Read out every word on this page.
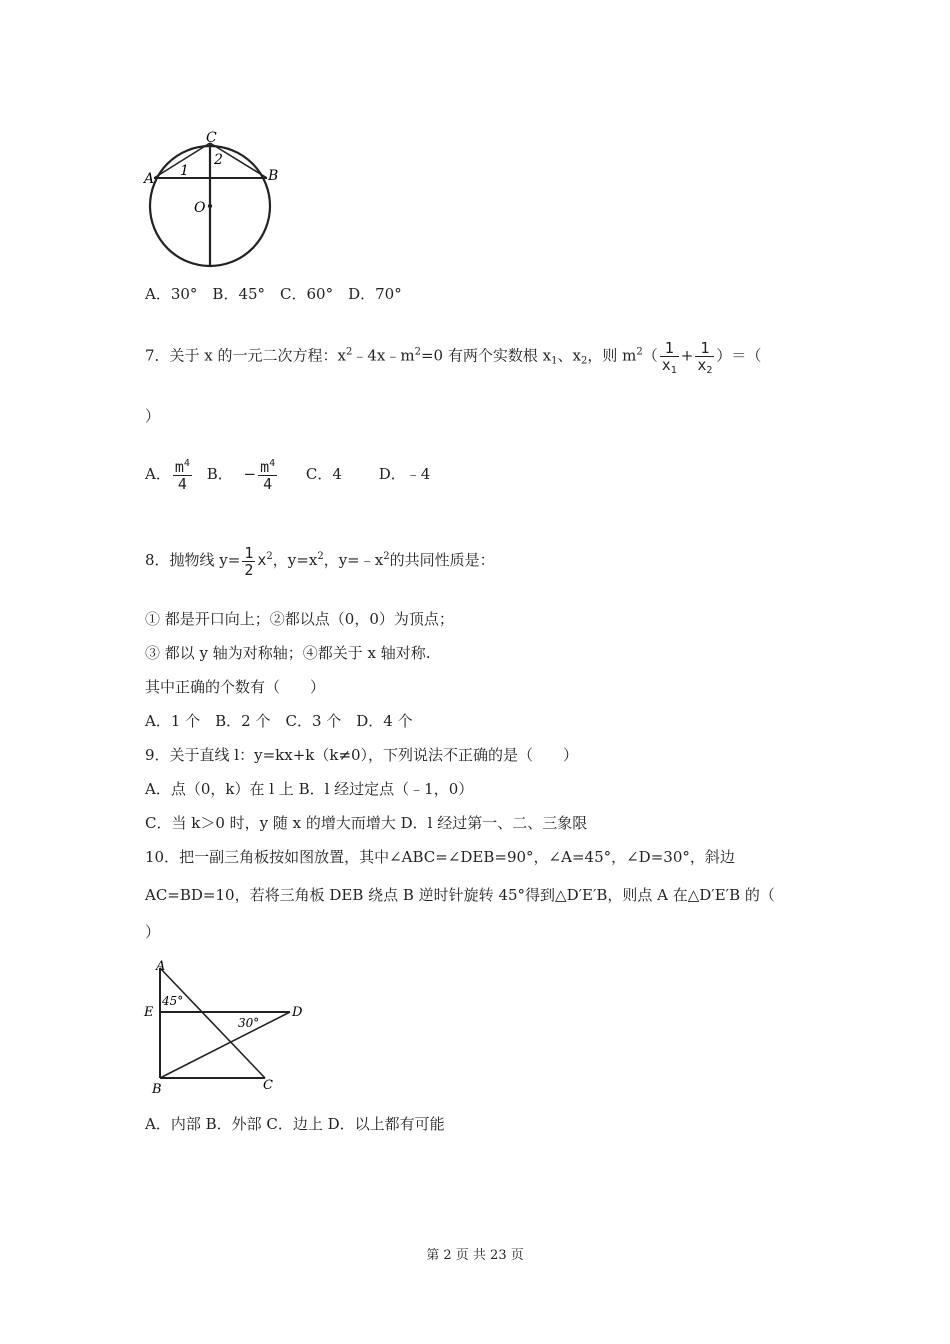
C
A	B
O
1
2
A．30°　B．45°　C．60°　D．70°
7．关于 x 的一元二次方程：$x^2﹣4x﹣m^2=0$ 有两个实数根 $x_1$、$x_2$，则 $m^2( \frac{1}{x_1} + \frac{1}{x_2}$ ）＝（
）
A． $\frac{m^4}{4}$ B． − $\frac{m^4}{4}$ C．4 D．﹣4
8．抛物线 $y= \frac{1}{2} x^2$，$y=x^2$，$y=﹣x^2$的共同性质是：
① 都是开口向上；②都以点（0，0）为顶点；
③ 都以 y 轴为对称轴；④都关于 x 轴对称.
其中正确的个数有（　　）
A．1 个　B．2 个　C．3 个　D．4 个
9．关于直线 l：y=kx+k（k≠0），下列说法不正确的是（　　）
A．点（0，k）在 l 上 B．l 经过定点（﹣1，0）
C．当 k＞0 时，y 随 x 的增大而增大 D．l 经过第一、二、三象限
10．把一副三角板按如图放置，其中∠ABC=∠DEB=90°，∠A=45°，∠D=30°，斜边
AC=BD=10，若将三角板 DEB 绕点 B 逆时针旋转 45°得到△D′E′B，则点 A 在△D′E′B 的（
）
A
E	D
B	C
45°
30°
A．内部 B．外部 C．边上 D．以上都有可能
第 2 页 共 23 页
